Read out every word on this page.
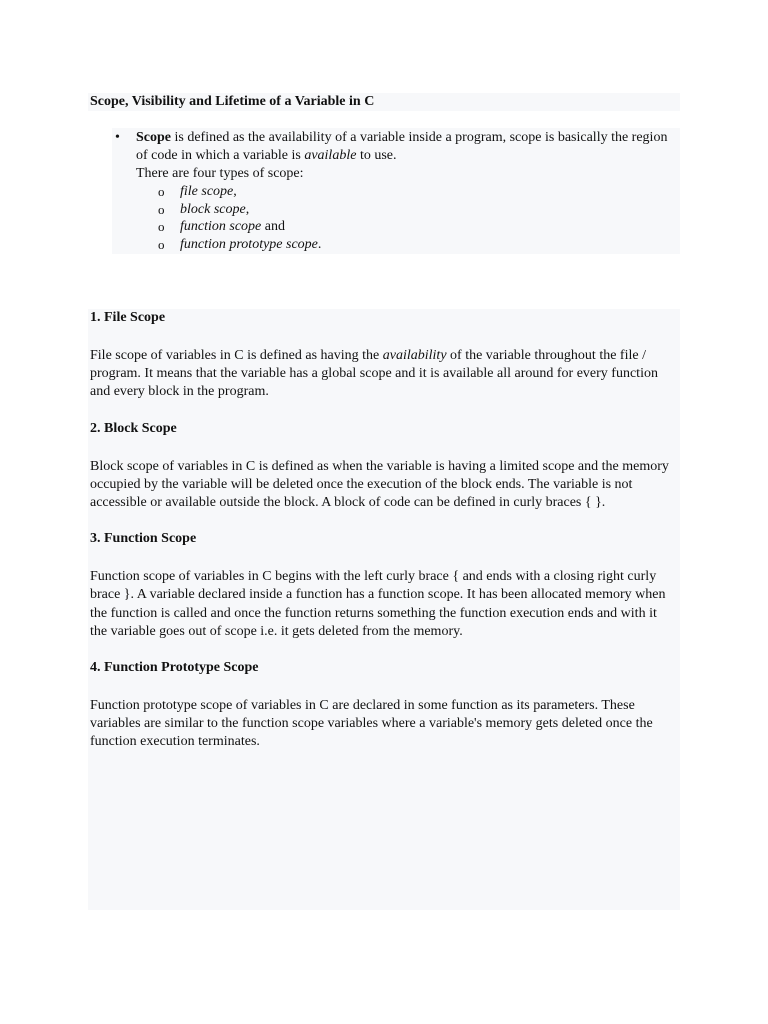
Scope, Visibility and Lifetime of a Variable in C
• Scope is defined as the availability of a variable inside a program, scope is basically the region of code in which a variable is available to use.

There are four types of scope:

o file scope,
o block scope,
o function scope and
o function prototype scope.
1. File Scope

File scope of variables in C is defined as having the availability of the variable throughout the file / program. It means that the variable has a global scope and it is available all around for every function and every block in the program.

2. Block Scope

Block scope of variables in C is defined as when the variable is having a limited scope and the memory occupied by the variable will be deleted once the execution of the block ends. The variable is not accessible or available outside the block. A block of code can be defined in curly braces { }.

3. Function Scope

Function scope of variables in C begins with the left curly brace { and ends with a closing right curly brace }. A variable declared inside a function has a function scope. It has been allocated memory when the function is called and once the function returns something the function execution ends and with it the variable goes out of scope i.e. it gets deleted from the memory.

4. Function Prototype Scope

Function prototype scope of variables in C are declared in some function as its parameters. These variables are similar to the function scope variables where a variable's memory gets deleted once the function execution terminates.
